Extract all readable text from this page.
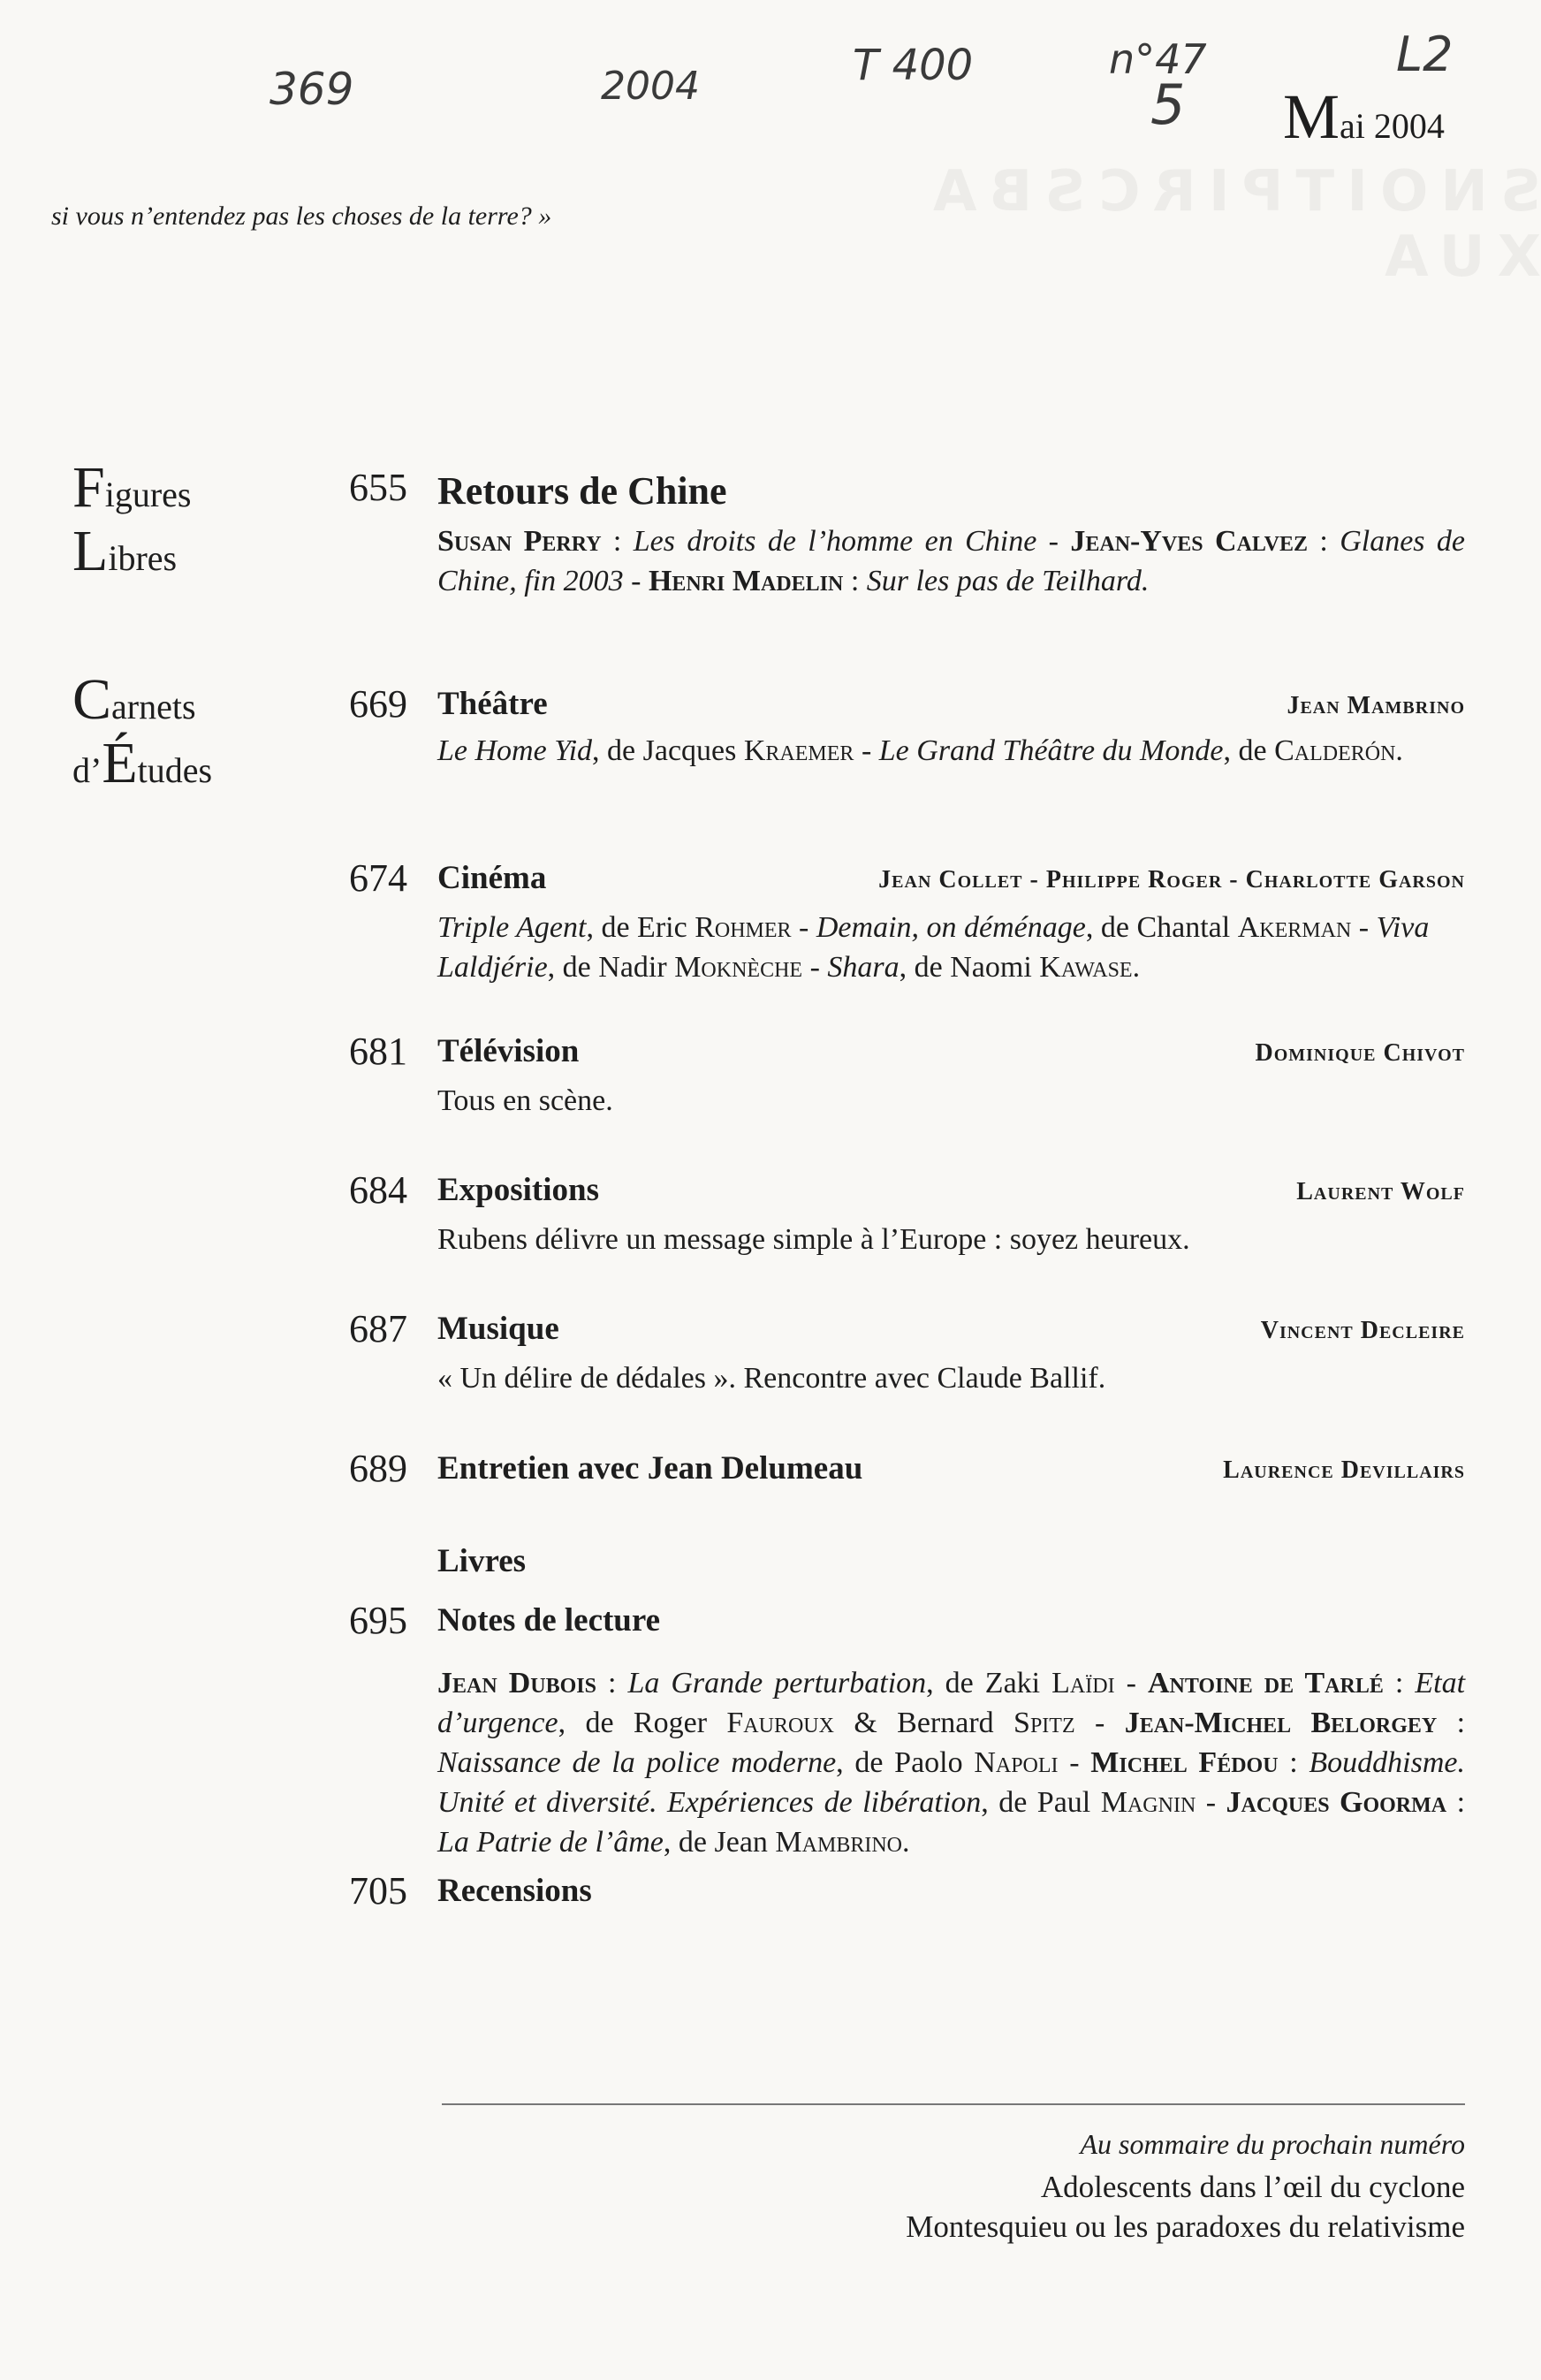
SNOITPIRCSBA XUA
369	2004	T 400	n°47	L2
5 Mai 2004
si vous n’entendez pas les choses de la terre? »
Figures
Libres
Carnets
d’Études
655 Retours de Chine
Susan Perry : Les droits de l’homme en Chine - Jean-Yves Calvez : Glanes de Chine, fin 2003 - Henri Madelin : Sur les pas de Teilhard.
669 Théâtre	Jean Mambrino
Le Home Yid, de Jacques Kraemer - Le Grand Théâtre du Monde, de Calderón.
674 Cinéma	Jean Collet - Philippe Roger - Charlotte Garson
Triple Agent, de Eric Rohmer - Demain, on déménage, de Chantal Akerman - Viva Laldjérie, de Nadir Moknèche - Shara, de Naomi Kawase.
681 Télévision	Dominique Chivot
Tous en scène.
684 Expositions	Laurent Wolf
Rubens délivre un message simple à l’Europe : soyez heureux.
687 Musique	Vincent Decleire
« Un délire de dédales ». Rencontre avec Claude Ballif.
689 Entretien avec Jean Delumeau	Laurence Devillairs
Livres
695 Notes de lecture
Jean Dubois : La Grande perturbation, de Zaki Laïdi - Antoine de Tarlé : Etat d’urgence, de Roger Fauroux & Bernard Spitz - Jean-Michel Belorgey : Naissance de la police moderne, de Paolo Napoli - Michel Fédou : Bouddhisme. Unité et diversité. Expériences de libération, de Paul Magnin - Jacques Goorma : La Patrie de l’âme, de Jean Mambrino.
705 Recensions
Au sommaire du prochain numéro
Adolescents dans l’œil du cyclone
Montesquieu ou les paradoxes du relativisme
